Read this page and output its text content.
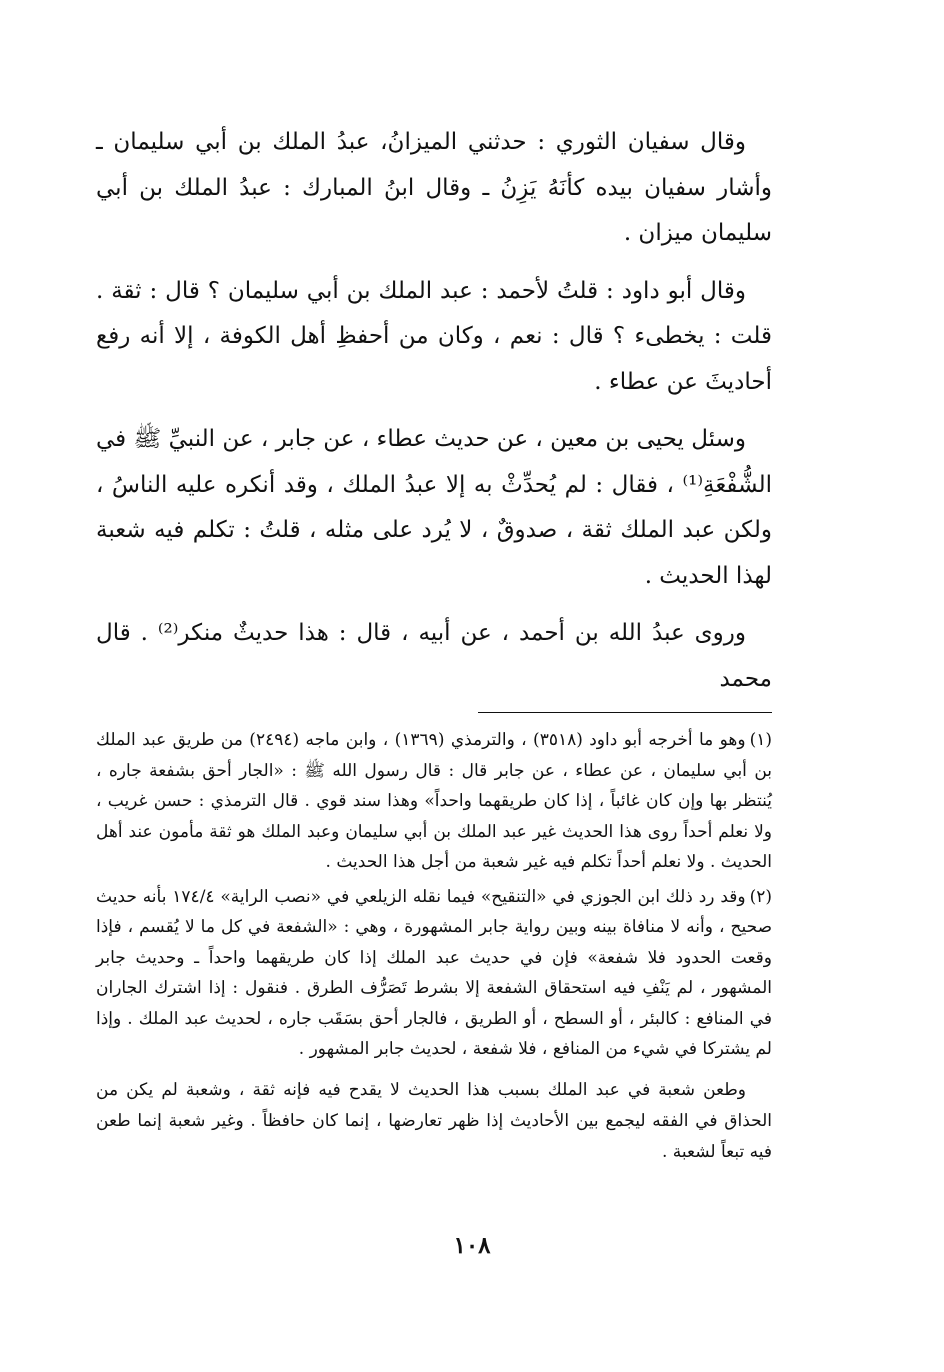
وقال سفيان الثوري : حدثني الميزانُ، عبدُ الملك بن أبي سليمان ـ وأشار سفيان بيده كأنَهُ يَزِنُ ـ وقال ابنُ المبارك : عبدُ الملك بن أبي سليمان ميزان .

وقال أبو داود : قلتُ لأحمد : عبد الملك بن أبي سليمان ؟ قال : ثقة . قلت : يخطىء ؟ قال : نعم ، وكان من أحفظِ أهل الكوفة ، إلا أنه رفع أحاديثَ عن عطاء .

وسئل يحيى بن معين ، عن حديث عطاء ، عن جابر ، عن النبيِّ ﷺ في الشُّفْعَةِ⁽¹⁾ ، فقال : لم يُحدِّثْ به إلا عبدُ الملك ، وقد أنكره عليه الناسُ ، ولكن عبد الملك ثقة ، صدوقٌ ، لا يُرد على مثله ، قلتُ : تكلم فيه شعبة لهذا الحديث .

وروى عبدُ الله بن أحمد ، عن أبيه ، قال : هذا حديثٌ منكر⁽²⁾ . قال محمد

(١)وهو ما أخرجه أبو داود (٣٥١٨) ، والترمذي (١٣٦٩) ، وابن ماجه (٢٤٩٤) من طريق عبد الملك بن أبي سليمان ، عن عطاء ، عن جابر قال : قال رسول الله ﷺ : «الجار أحق بشفعة جاره ، يُنتظر بها وإن كان غائباً ، إذا كان طريقهما واحداً» وهذا سند قوي . قال الترمذي : حسن غريب ، ولا نعلم أحداً روى هذا الحديث غير عبد الملك بن أبي سليمان وعبد الملك هو ثقة مأمون عند أهل الحديث . ولا نعلم أحداً تكلم فيه غير شعبة من أجل هذا الحديث .

(٢)وقد رد ذلك ابن الجوزي في «التنقيح» فيما نقله الزيلعي في «نصب الراية» ١٧٤/٤ بأنه حديث صحيح ، وأنه لا منافاة بينه وبين رواية جابر المشهورة ، وهي : «الشفعة في كل ما لا يُقسم ، فإذا وقعت الحدود فلا شفعة» فإن في حديث عبد الملك إذا كان طريقهما واحداً ـ وحديث جابر المشهور ، لم يَنْفِ فيه استحقاق الشفعة إلا بشرط تَصَرُّف الطرق . فنقول : إذا اشترك الجاران في المنافع : كالبئر ، أو السطح ، أو الطريق ، فالجار أحق بسَقَب جاره ، لحديث عبد الملك . وإذا لم يشتركا في شيء من المنافع ، فلا شفعة ، لحديث جابر المشهور .

وطعن شعبة في عبد الملك بسبب هذا الحديث لا يقدح فيه فإنه ثقة ، وشعبة لم يكن من الحذاق في الفقه ليجمع بين الأحاديث إذا ظهر تعارضها ، إنما كان حافظاً . وغير شعبة إنما طعن فيه تبعاً لشعبة .

١٠٨
